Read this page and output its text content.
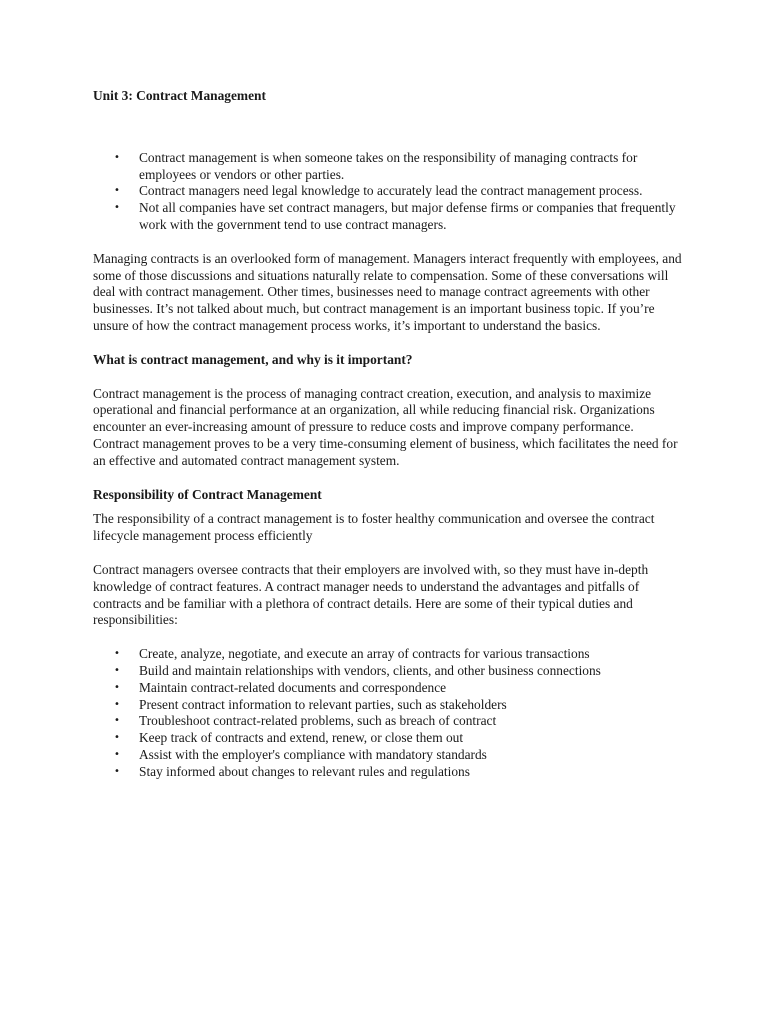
Unit 3: Contract Management
• Contract management is when someone takes on the responsibility of managing contracts for employees or vendors or other parties.
• Contract managers need legal knowledge to accurately lead the contract management process.
• Not all companies have set contract managers, but major defense firms or companies that frequently work with the government tend to use contract managers.

Managing contracts is an overlooked form of management. Managers interact frequently with employees, and some of those discussions and situations naturally relate to compensation. Some of these conversations will deal with contract management. Other times, businesses need to manage contract agreements with other businesses. It’s not talked about much, but contract management is an important business topic. If you’re unsure of how the contract management process works, it’s important to understand the basics.

What is contract management, and why is it important?

Contract management is the process of managing contract creation, execution, and analysis to maximize operational and financial performance at an organization, all while reducing financial risk. Organizations encounter an ever-increasing amount of pressure to reduce costs and improve company performance. Contract management proves to be a very time-consuming element of business, which facilitates the need for an effective and automated contract management system.

Responsibility of Contract Management

The responsibility of a contract management is to foster healthy communication and oversee the contract lifecycle management process efficiently

Contract managers oversee contracts that their employers are involved with, so they must have in-depth knowledge of contract features. A contract manager needs to understand the advantages and pitfalls of contracts and be familiar with a plethora of contract details. Here are some of their typical duties and responsibilities:

• Create, analyze, negotiate, and execute an array of contracts for various transactions
• Build and maintain relationships with vendors, clients, and other business connections
• Maintain contract-related documents and correspondence
• Present contract information to relevant parties, such as stakeholders
• Troubleshoot contract-related problems, such as breach of contract
• Keep track of contracts and extend, renew, or close them out
• Assist with the employer's compliance with mandatory standards
• Stay informed about changes to relevant rules and regulations
